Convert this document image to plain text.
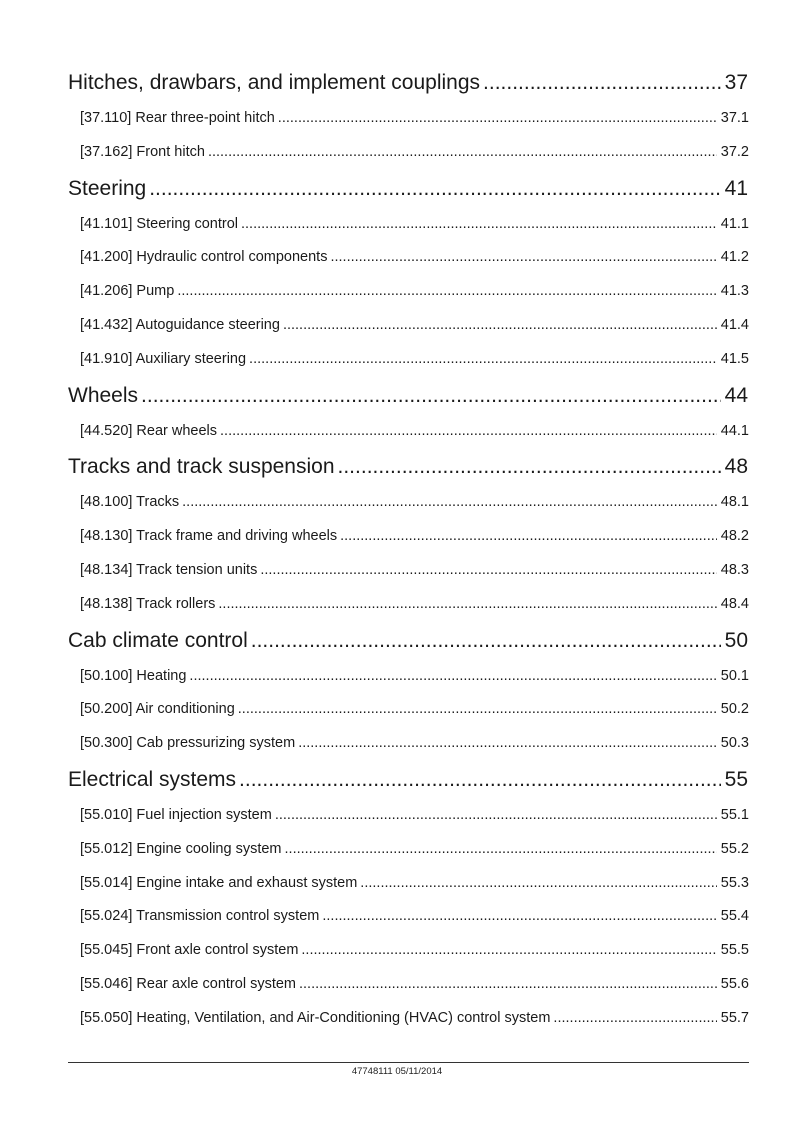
Hitches, drawbars, and implement couplings .....	37
[37.110] Rear three-point hitch .....	37.1
[37.162] Front hitch .....	37.2
Steering .....	41
[41.101] Steering control .....	41.1
[41.200] Hydraulic control components .....	41.2
[41.206] Pump .....	41.3
[41.432] Autoguidance steering .....	41.4
[41.910] Auxiliary steering .....	41.5
Wheels .....	44
[44.520] Rear wheels .....	44.1
Tracks and track suspension .....	48
[48.100] Tracks .....	48.1
[48.130] Track frame and driving wheels .....	48.2
[48.134] Track tension units .....	48.3
[48.138] Track rollers .....	48.4
Cab climate control .....	50
[50.100] Heating .....	50.1
[50.200] Air conditioning .....	50.2
[50.300] Cab pressurizing system .....	50.3
Electrical systems .....	55
[55.010] Fuel injection system .....	55.1
[55.012] Engine cooling system .....	55.2
[55.014] Engine intake and exhaust system .....	55.3
[55.024] Transmission control system .....	55.4
[55.045] Front axle control system .....	55.5
[55.046] Rear axle control system .....	55.6
[55.050] Heating, Ventilation, and Air-Conditioning (HVAC) control system .....	55.7
47748111 05/11/2014
